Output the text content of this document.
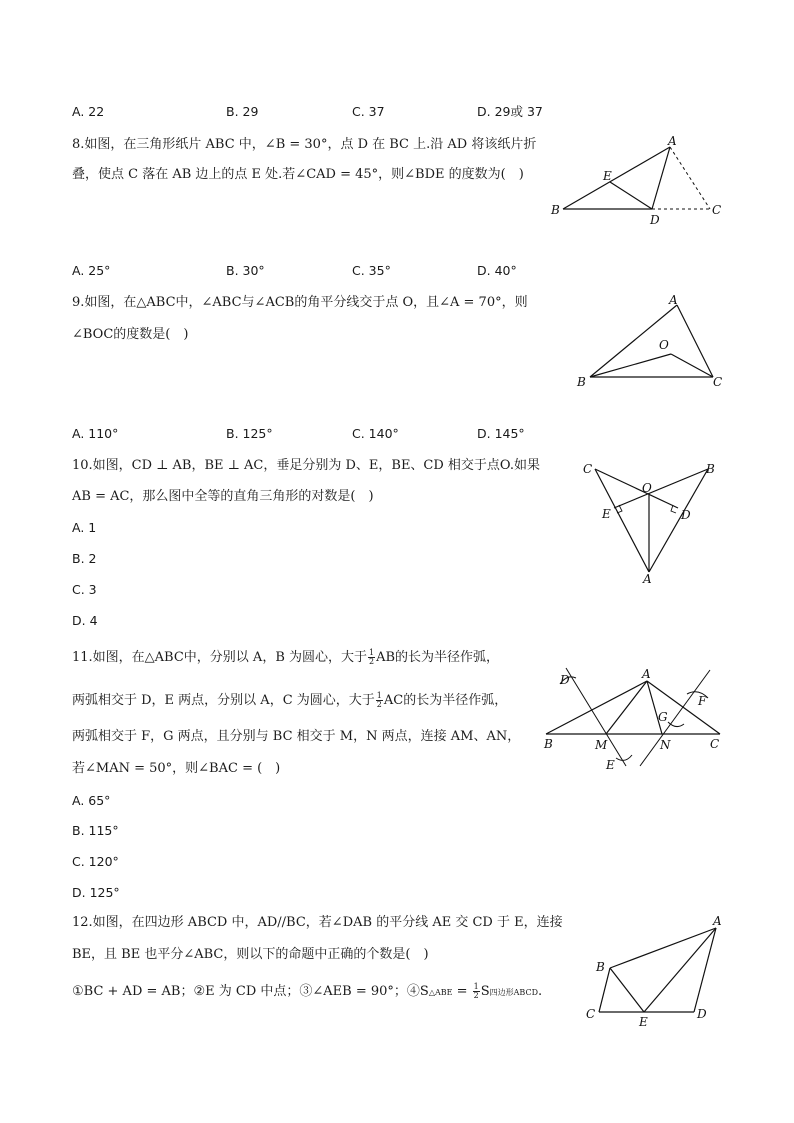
A. 22	B. 29	C. 37	D. 29或 37
8.如图，在三角形纸片 ABC 中，∠B = 30°，点 D 在 BC 上.沿 AD 将该纸片折
叠，使点 C 落在 AB 边上的点 E 处.若∠CAD = 45°，则∠BDE 的度数为(　)
A
B	C
D
E
A. 25°	B. 30°	C. 35°	D. 40°
9.如图，在△ABC中，∠ABC与∠ACB的角平分线交于点 O，且∠A = 70°，则
∠BOC的度数是(　)
A
B	C
O
A. 110°	B. 125°	C. 140°	D. 145°
10.如图，CD ⊥ AB，BE ⊥ AC，垂足分别为 D、E，BE、CD 相交于点O.如果
AB = AC，那么图中全等的直角三角形的对数是(　)
A. 1
B. 2
C. 3
D. 4
C	B
O
E	D
A
11.如图，在△ABC中，分别以 A，B 为圆心，大于 $\frac{1}{2}$ AB的长为半径作弧，
两弧相交于 D，E 两点，分别以 A，C 为圆心，大于 $\frac{1}{2}$ AC的长为半径作弧，
两弧相交于 F，G 两点，且分别与 BC 相交于 M，N 两点，连接 AM、AN，
若∠MAN = 50°，则∠BAC = (　)
A. 65°
B. 115°
C. 120°
D. 125°
A
B	C
D
E
F
G
M	N
12.如图，在四边形 ABCD 中，AD//BC，若∠DAB 的平分线 AE 交 CD 于 E，连接
BE，且 BE 也平分∠ABC，则以下的命题中正确的个数是(　)
①BC + AD = AB；②E 为 CD 中点；③∠AEB = 90°；④S△ABE = $\frac{1}{2}$ S四边形ABCD.
A
B
C	D
E
